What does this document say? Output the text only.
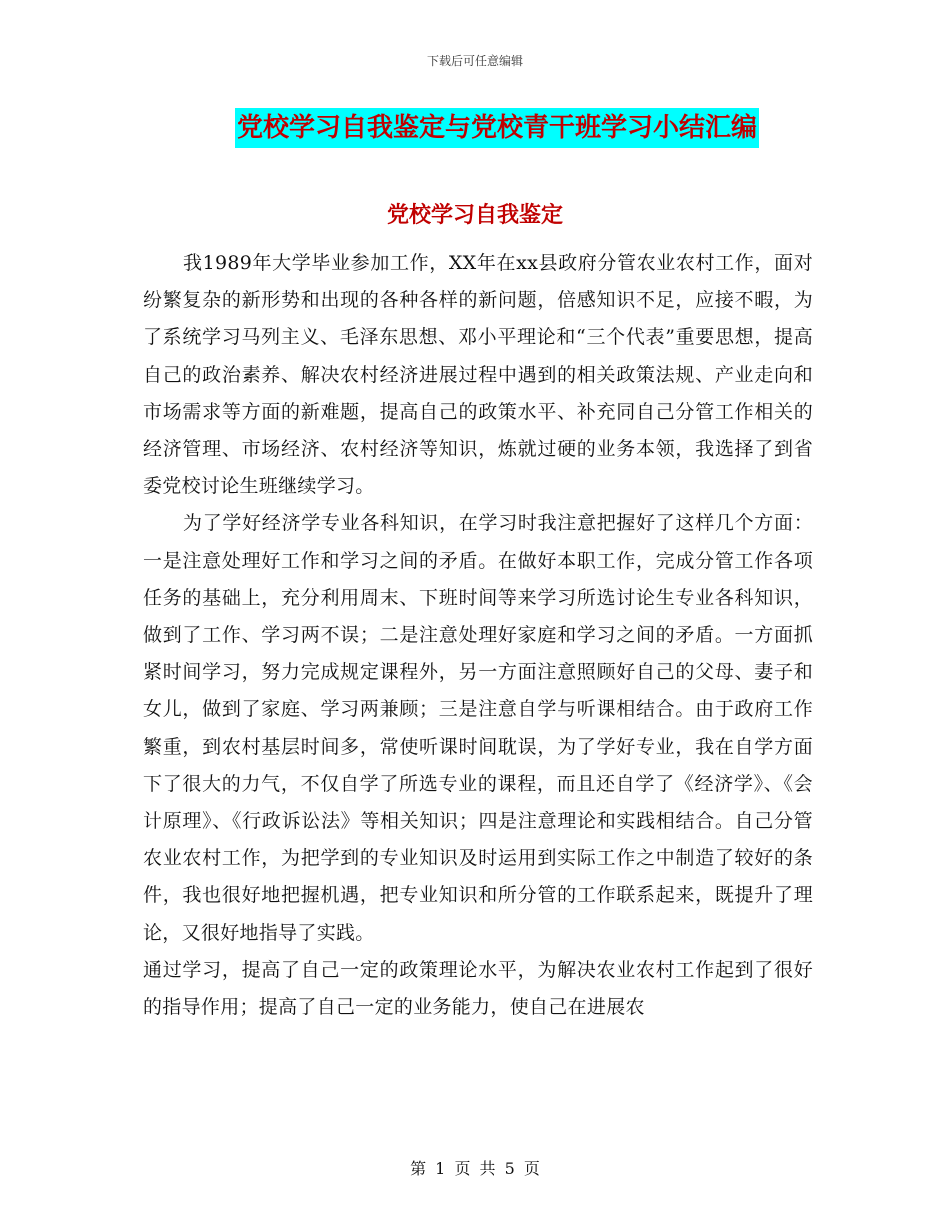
下载后可任意编辑
党校学习自我鉴定与党校青干班学习小结汇编
党校学习自我鉴定

我1989年大学毕业参加工作，XX年在xx县政府分管农业农村工作，面对纷繁复杂的新形势和出现的各种各样的新问题，倍感知识不足，应接不暇，为了系统学习马列主义、毛泽东思想、邓小平理论和“三个代表”重要思想，提高自己的政治素养、解决农村经济进展过程中遇到的相关政策法规、产业走向和市场需求等方面的新难题，提高自己的政策水平、补充同自己分管工作相关的经济管理、市场经济、农村经济等知识，炼就过硬的业务本领，我选择了到省委党校讨论生班继续学习。

为了学好经济学专业各科知识，在学习时我注意把握好了这样几个方面：一是注意处理好工作和学习之间的矛盾。在做好本职工作，完成分管工作各项任务的基础上，充分利用周末、下班时间等来学习所选讨论生专业各科知识，做到了工作、学习两不误；二是注意处理好家庭和学习之间的矛盾。一方面抓紧时间学习，努力完成规定课程外，另一方面注意照顾好自己的父母、妻子和女儿，做到了家庭、学习两兼顾；三是注意自学与听课相结合。由于政府工作繁重，到农村基层时间多，常使听课时间耽误，为了学好专业，我在自学方面下了很大的力气，不仅自学了所选专业的课程，而且还自学了《经济学》、《会计原理》、《行政诉讼法》等相关知识；四是注意理论和实践相结合。自己分管农业农村工作，为把学到的专业知识及时运用到实际工作之中制造了较好的条件，我也很好地把握机遇，把专业知识和所分管的工作联系起来，既提升了理论，又很好地指导了实践。

通过学习，提高了自己一定的政策理论水平，为解决农业农村工作起到了很好的指导作用；提高了自己一定的业务能力，使自己在进展农

第 1 页 共 5 页
